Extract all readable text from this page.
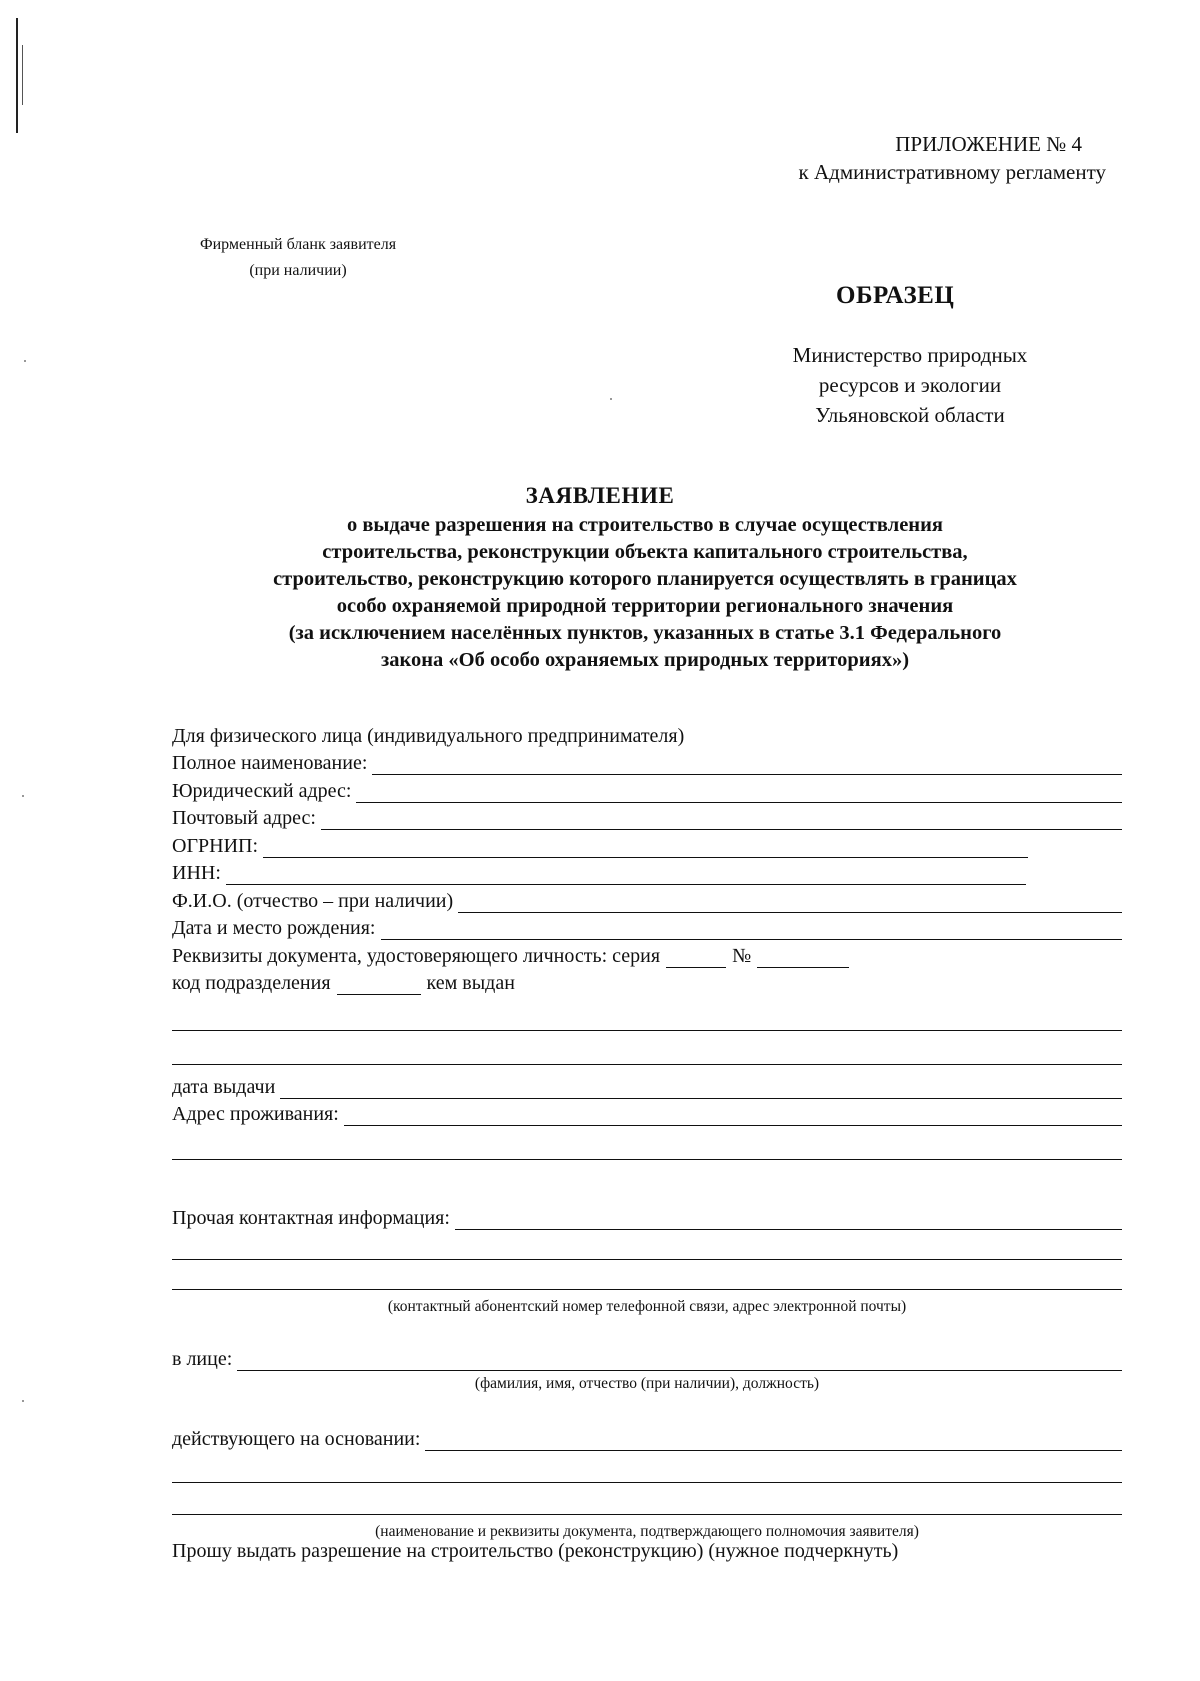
ПРИЛОЖЕНИЕ № 4
к Административному регламенту
Фирменный бланк заявителя
(при наличии)
ОБРАЗЕЦ
Министерство природных
ресурсов и экологии
Ульяновской области
ЗАЯВЛЕНИЕ
о выдаче разрешения на строительство в случае осуществления
строительства, реконструкции объекта капитального строительства,
строительство, реконструкцию которого планируется осуществлять в границах
особо охраняемой природной территории регионального значения
(за исключением населённых пунктов, указанных в статье 3.1 Федерального
закона «Об особо охраняемых природных территориях»)
Для физического лица (индивидуального предпринимателя)
Полное наименование:
Юридический адрес:
Почтовый адрес:
ОГРНИП:
ИНН:
Ф.И.О. (отчество – при наличии)
Дата и место рождения:
Реквизиты документа, удостоверяющего личность: серия	№
код подразделения	кем выдан
дата выдачи
Адрес проживания:
Прочая контактная информация:
(контактный абонентский номер телефонной связи, адрес электронной почты)
в лице:
(фамилия, имя, отчество (при наличии), должность)
действующего на основании:
(наименование и реквизиты документа, подтверждающего полномочия заявителя)
Прошу выдать разрешение на строительство (реконструкцию) (нужное подчеркнуть)
